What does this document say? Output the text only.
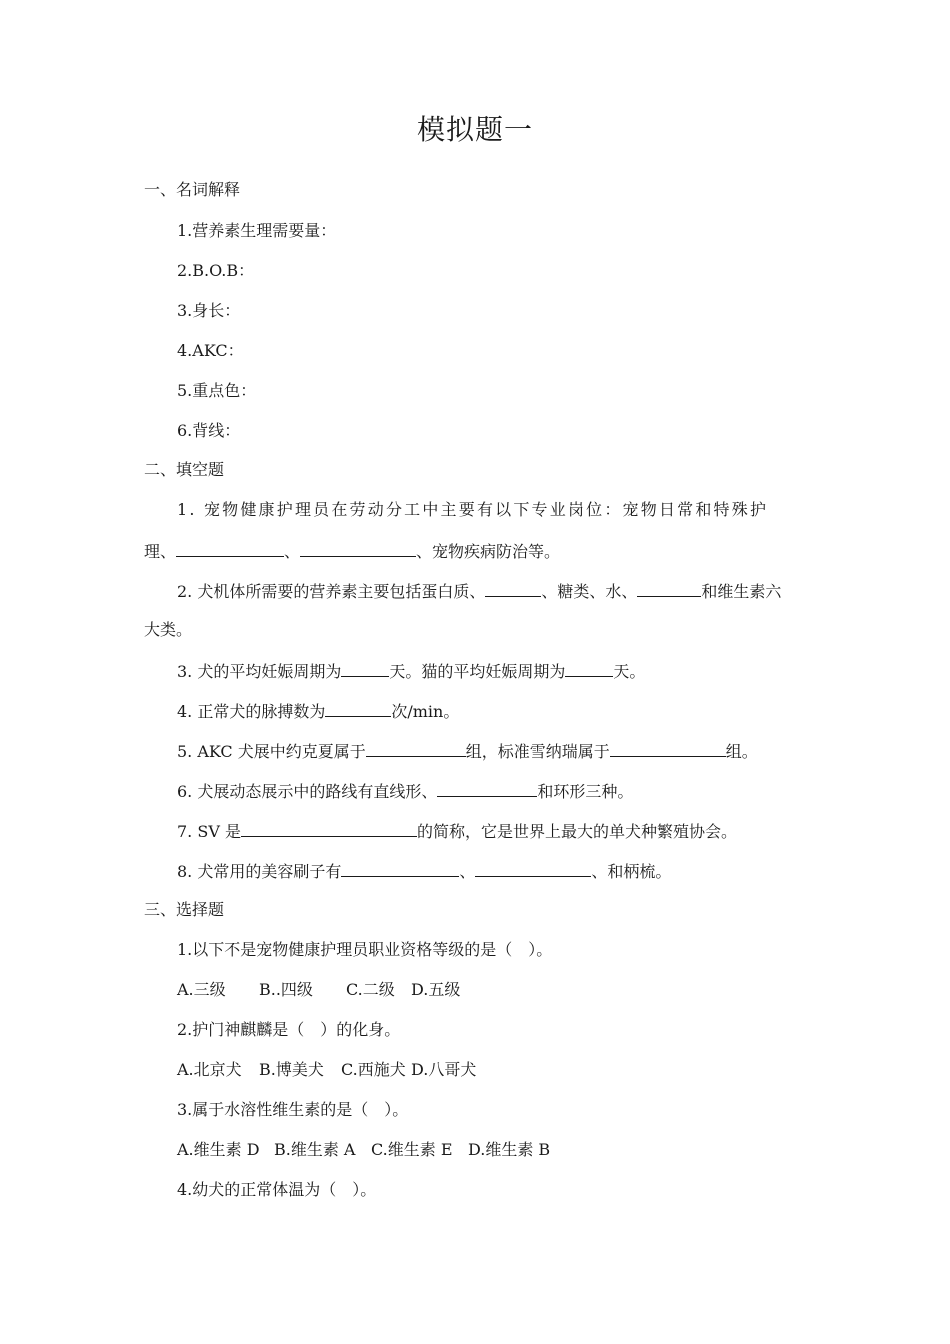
模拟题一
一、名词解释
1.营养素生理需要量：
2.B.O.B：
3.身长：
4.AKC：
5.重点色：
6.背线：
二、填空题
1. 宠物健康护理员在劳动分工中主要有以下专业岗位：宠物日常和特殊护
理、	、	、宠物疾病防治等。
2. 犬机体所需要的营养素主要包括蛋白质、	、糖类、水、	和维生素六
大类。
3. 犬的平均妊娠周期为	天。猫的平均妊娠周期为	天。
4. 正常犬的脉搏数为	次/min。
5. AKC 犬展中约克夏属于	组，标准雪纳瑞属于	组。
6. 犬展动态展示中的路线有直线形、	和环形三种。
7. SV 是	的简称，它是世界上最大的单犬种繁殖协会。
8. 犬常用的美容刷子有	、	、和柄梳。
三、选择题
1.以下不是宠物健康护理员职业资格等级的是（　）。
A.三级 B..四级 C.二级 D.五级
2.护门神麒麟是（　）的化身。
A.北京犬 B.博美犬 C.西施犬 D.八哥犬
3.属于水溶性维生素的是（　）。
A.维生素 D B.维生素 A C.维生素 E D.维生素 B
4.幼犬的正常体温为（　）。
